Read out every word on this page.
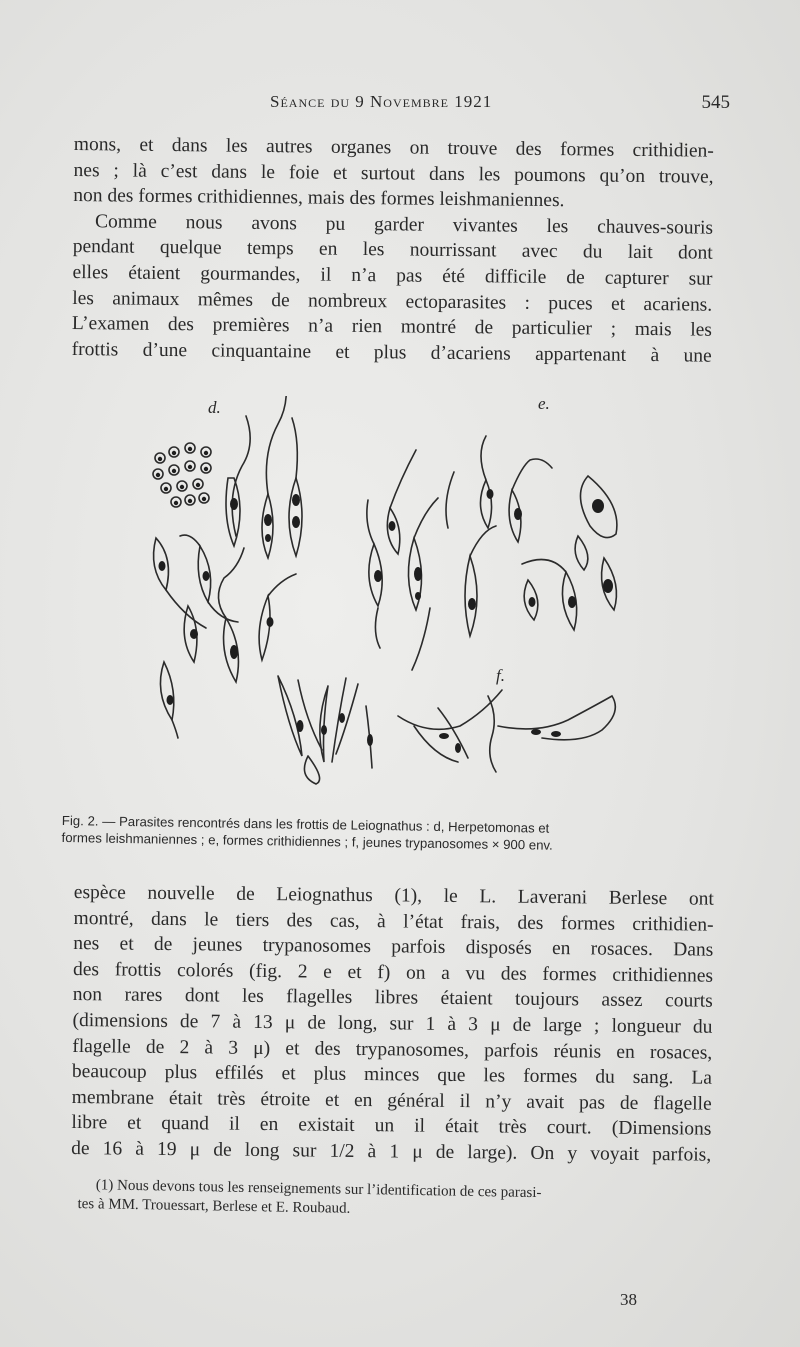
Séance du 9 Novembre 1921	545
mons, et dans les autres organes on trouve des formes crithidien-
nes ; là c’est dans le foie et surtout dans les poumons qu’on trouve,
non des formes crithidiennes, mais des formes leishmaniennes.
Comme nous avons pu garder vivantes les chauves-souris
pendant quelque temps en les nourrissant avec du lait dont
elles étaient gourmandes, il n’a pas été difficile de capturer sur
les animaux mêmes de nombreux ectoparasites : puces et acariens.
L’examen des premières n’a rien montré de particulier ; mais les
frottis d’une cinquantaine et plus d’acariens appartenant à une
d.	e.
f.
Fig. 2. — Parasites rencontrés dans les frottis de Leiognathus : d, Herpetomonas et
formes leishmaniennes ; e, formes crithidiennes ; f, jeunes trypanosomes × 900 env.
espèce nouvelle de Leiognathus (1), le L. Laverani Berlese ont
montré, dans le tiers des cas, à l’état frais, des formes crithidien-
nes et de jeunes trypanosomes parfois disposés en rosaces. Dans
des frottis colorés (fig. 2 e et f) on a vu des formes crithidiennes
non rares dont les flagelles libres étaient toujours assez courts
(dimensions de 7 à 13 μ de long, sur 1 à 3 μ de large ; longueur du
flagelle de 2 à 3 μ) et des trypanosomes, parfois réunis en rosaces,
beaucoup plus effilés et plus minces que les formes du sang. La
membrane était très étroite et en général il n’y avait pas de flagelle
libre et quand il en existait un il était très court. (Dimensions
de 16 à 19 μ de long sur 1/2 à 1 μ de large). On y voyait parfois,
(1) Nous devons tous les renseignements sur l’identification de ces parasi-
tes à MM. Trouessart, Berlese et E. Roubaud.
38
